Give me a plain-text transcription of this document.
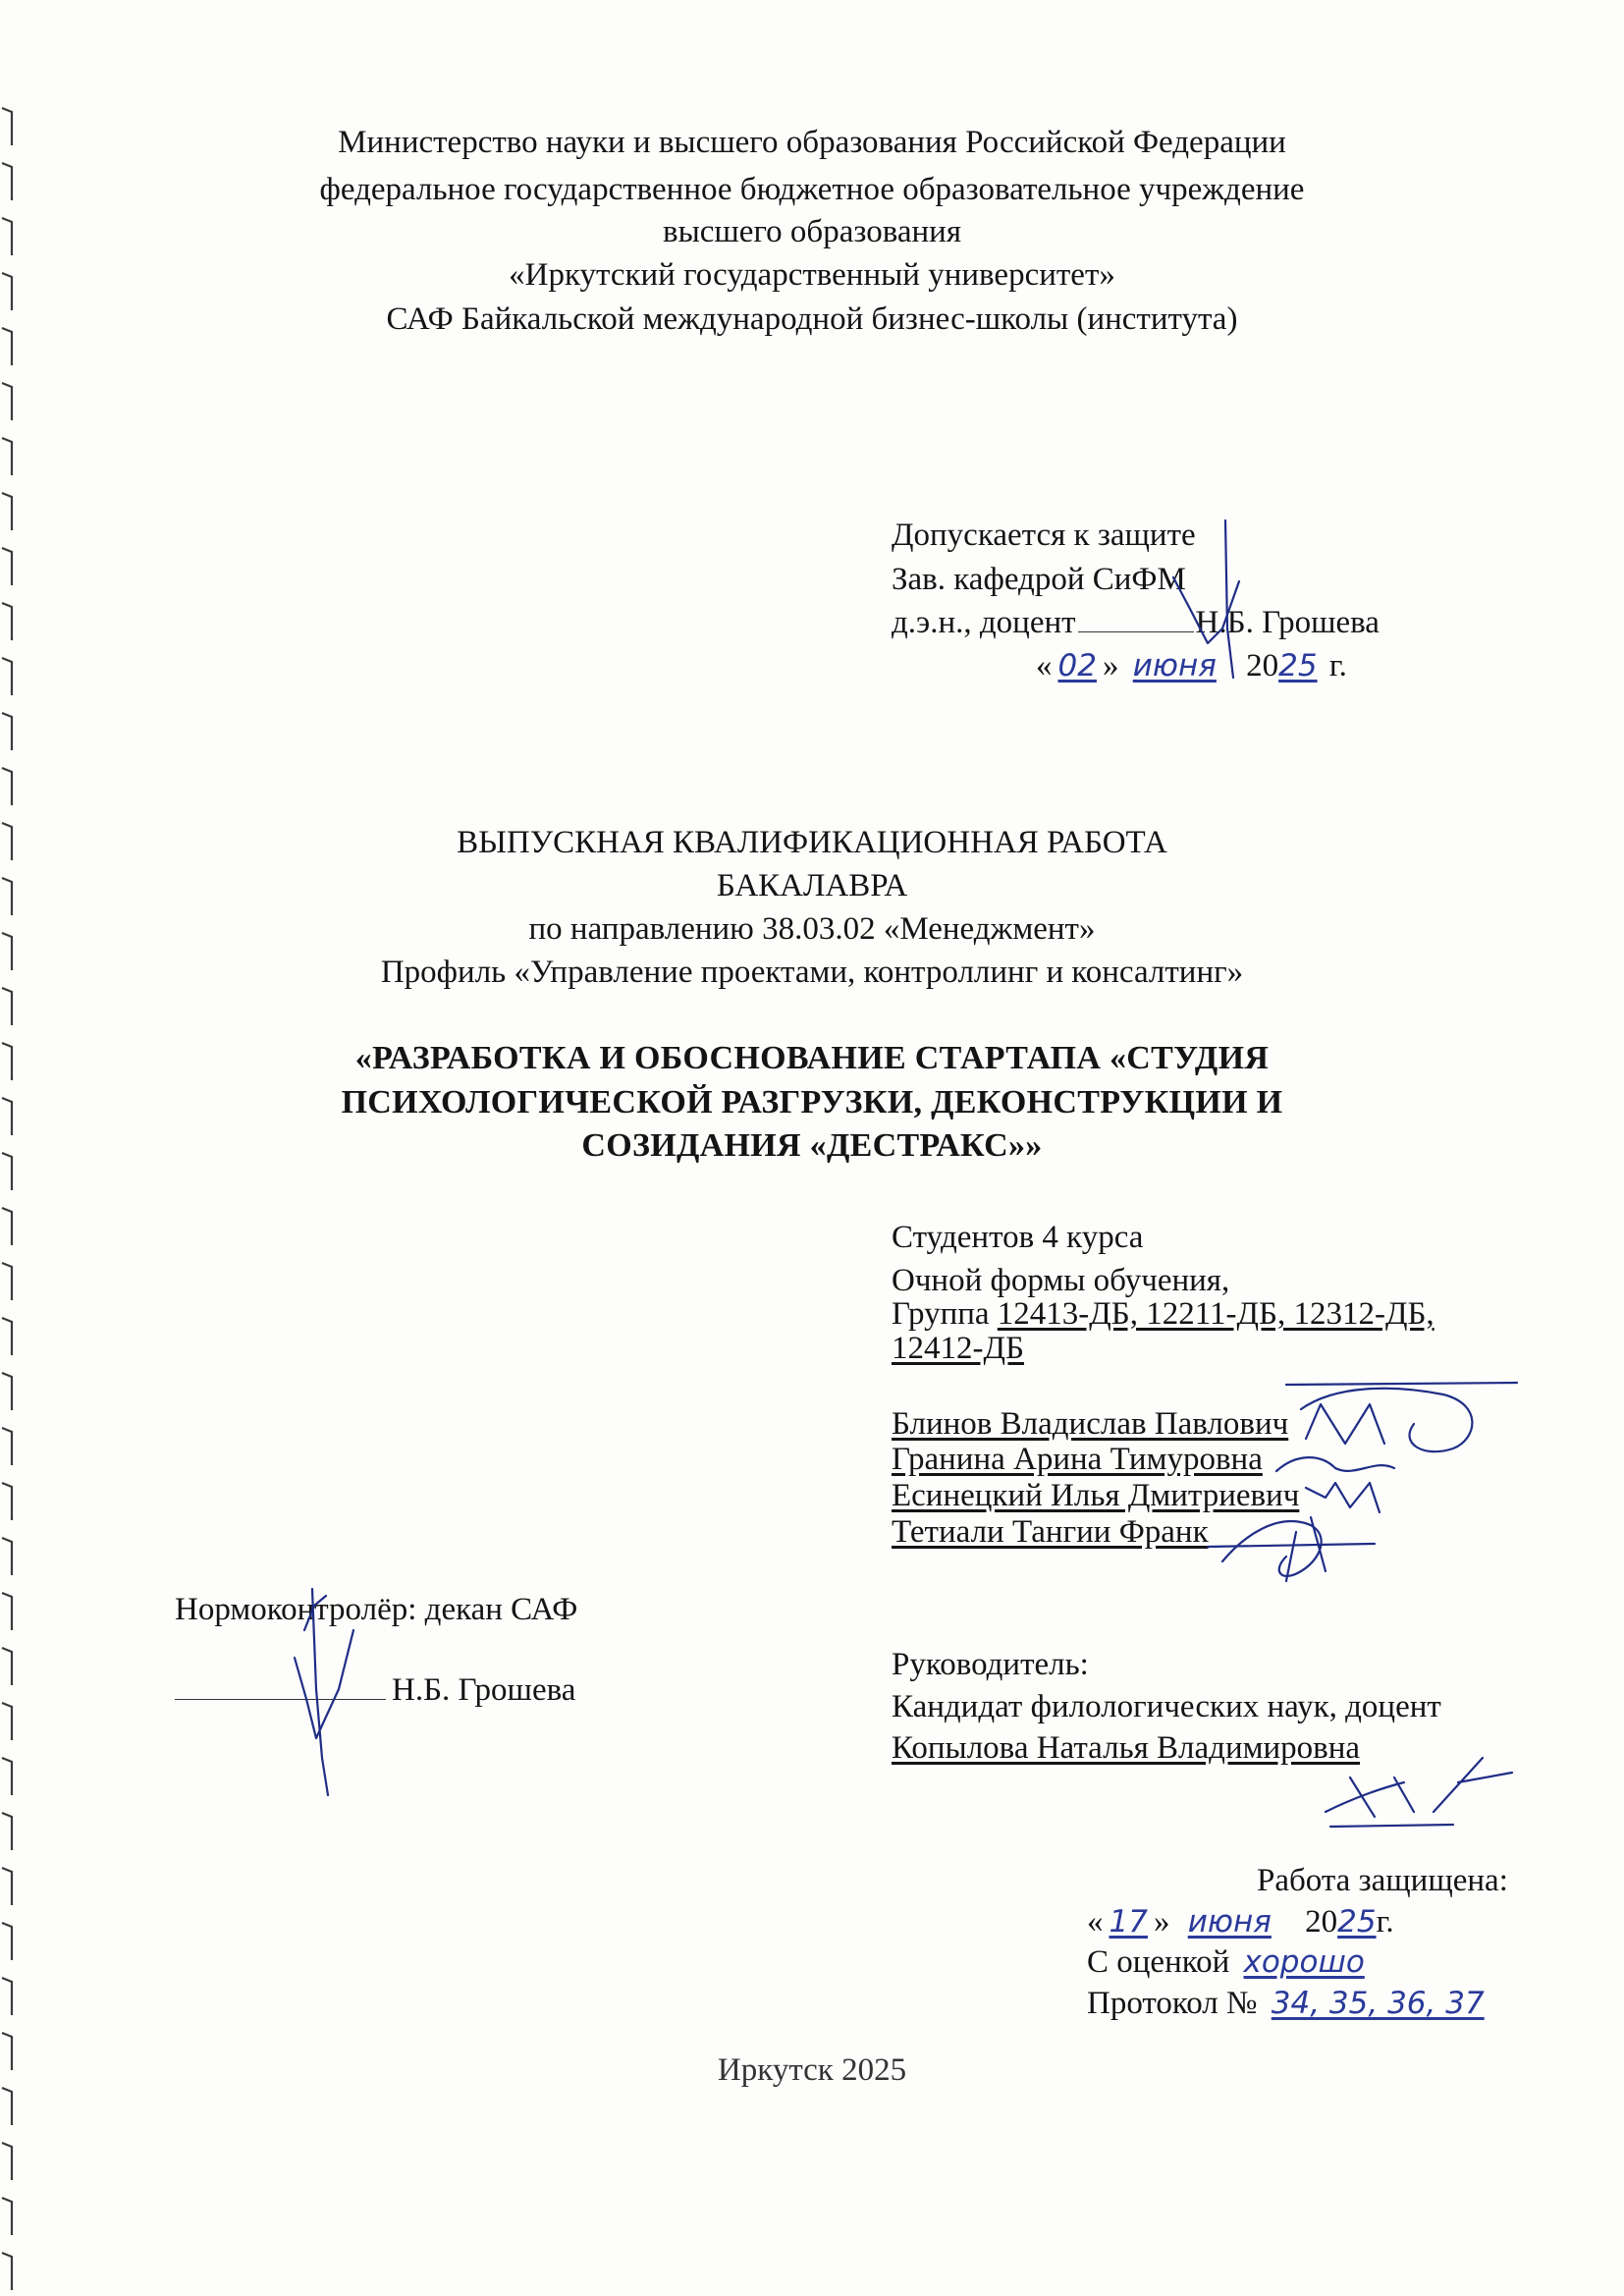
Министерство науки и высшего образования Российской Федерации
федеральное государственное бюджетное образовательное учреждение
высшего образования
«Иркутский государственный университет»
САФ Байкальской международной бизнес-школы (института)
Допускается к защите
Зав. кафедрой СиФМ
д.э.н., доцент	Н.Б. Грошева
« 02 » июня 2025 г.
ВЫПУСКНАЯ КВАЛИФИКАЦИОННАЯ РАБОТА
БАКАЛАВРА
по направлению 38.03.02 «Менеджмент»
Профиль «Управление проектами, контроллинг и консалтинг»
«РАЗРАБОТКА И ОБОСНОВАНИЕ СТАРТАПА «СТУДИЯ
ПСИХОЛОГИЧЕСКОЙ РАЗГРУЗКИ, ДЕКОНСТРУКЦИИ И
СОЗИДАНИЯ «ДЕСТРАКС»»
Студентов 4 курса
Очной формы обучения,
Группа 12413-ДБ, 12211-ДБ, 12312-ДБ,
12412-ДБ
Блинов Владислав Павлович
Гранина Арина Тимуровна
Есинецкий Илья Дмитриевич
Тетиали Тангии Франк
Нормоконтролёр: декан САФ
Н.Б. Грошева
Руководитель:
Кандидат филологических наук, доцент
Копылова Наталья Владимировна
Работа защищена:
« 17 » июня 2025г.
С оценкой хорошо
Протокол № 34, 35, 36, 37
Иркутск 2025
